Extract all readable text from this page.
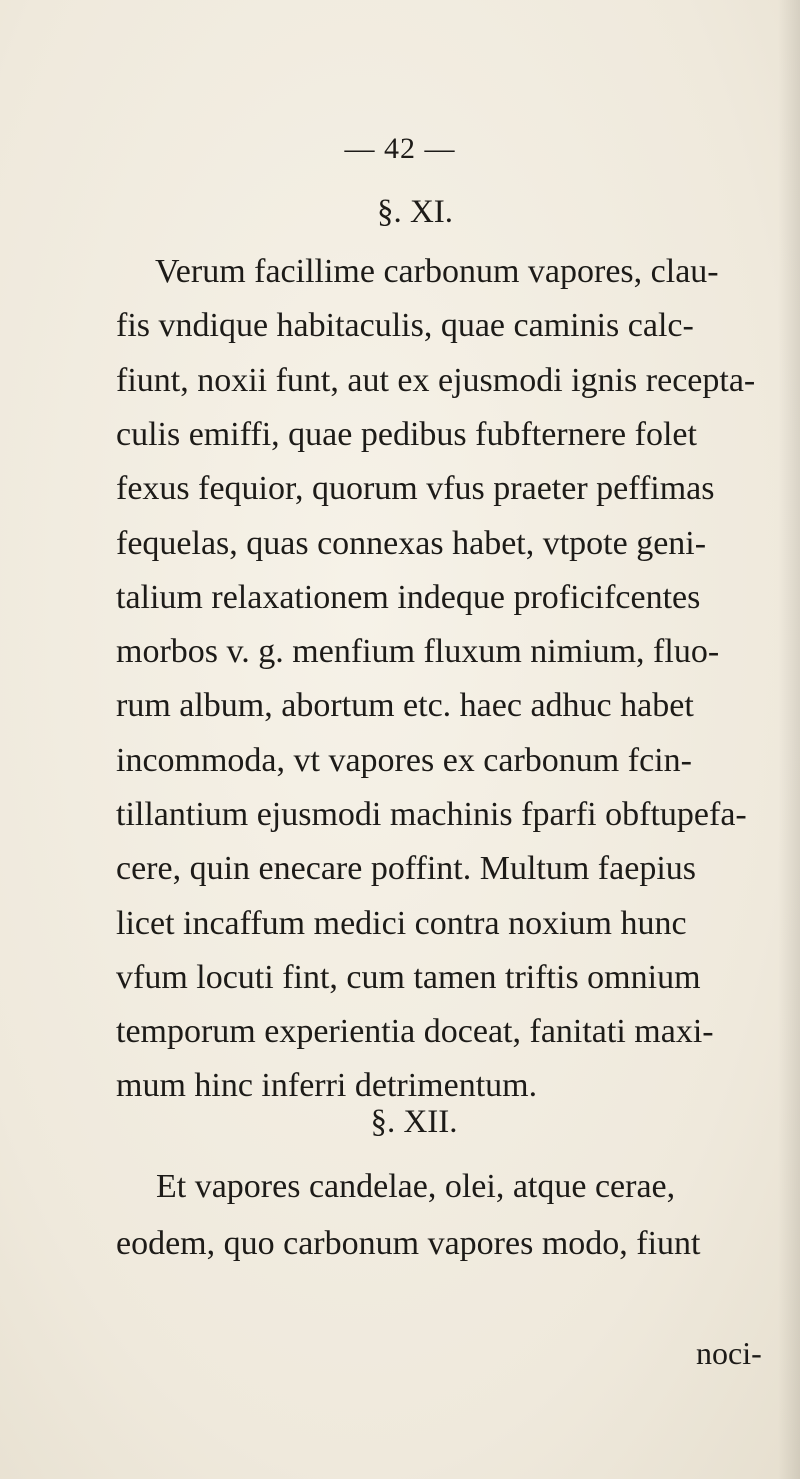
— 42 —
§. XI.
Verum facillime carbonum vapores, clau-
fis vndique habitaculis, quae caminis calc-
fiunt, noxii funt, aut ex ejusmodi ignis recepta-
culis emiffi, quae pedibus fubfternere folet
fexus fequior, quorum vfus praeter peffimas
fequelas, quas connexas habet, vtpote geni-
talium relaxationem indeque proficifcentes
morbos v. g. menfium fluxum nimium, fluo-
rum album, abortum etc. haec adhuc habet
incommoda, vt vapores ex carbonum fcin-
tillantium ejusmodi machinis fparfi obftupefa-
cere, quin enecare poffint. Multum faepius
licet incaffum medici contra noxium hunc
vfum locuti fint, cum tamen triftis omnium
temporum experientia doceat, fanitati maxi-
mum hinc inferri detrimentum.
§. XII.
Et vapores candelae, olei, atque cerae,
eodem, quo carbonum vapores modo, fiunt
noci-
